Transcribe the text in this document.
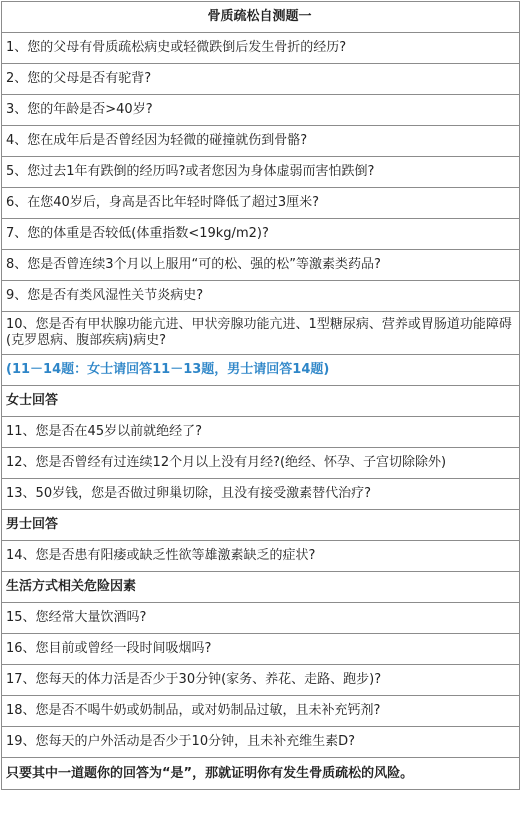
骨质疏松自测题一
1、您的父母有骨质疏松病史或轻微跌倒后发生骨折的经历?
2、您的父母是否有驼背?
3、您的年龄是否>40岁?
4、您在成年后是否曾经因为轻微的碰撞就伤到骨骼?
5、您过去1年有跌倒的经历吗?或者您因为身体虚弱而害怕跌倒?
6、在您40岁后，身高是否比年轻时降低了超过3厘米?
7、您的体重是否较低(体重指数<19kg/m2)?
8、您是否曾连续3个月以上服用“可的松、强的松”等激素类药品?
9、您是否有类风湿性关节炎病史?
10、您是否有甲状腺功能亢进、甲状旁腺功能亢进、1型糖尿病、营养或胃肠道功能障碍(克罗恩病、腹部疾病)病史?
(11－14题：女士请回答11－13题，男士请回答14题)
女士回答
11、您是否在45岁以前就绝经了?
12、您是否曾经有过连续12个月以上没有月经?(绝经、怀孕、子宫切除除外)
13、50岁钱，您是否做过卵巢切除，且没有接受激素替代治疗?
男士回答
14、您是否患有阳痿或缺乏性欲等雄激素缺乏的症状?
生活方式相关危险因素
15、您经常大量饮酒吗?
16、您目前或曾经一段时间吸烟吗?
17、您每天的体力活是否少于30分钟(家务、养花、走路、跑步)?
18、您是否不喝牛奶或奶制品，或对奶制品过敏，且未补充钙剂?
19、您每天的户外活动是否少于10分钟，且未补充维生素D?
只要其中一道题你的回答为“是”，那就证明你有发生骨质疏松的风险。
